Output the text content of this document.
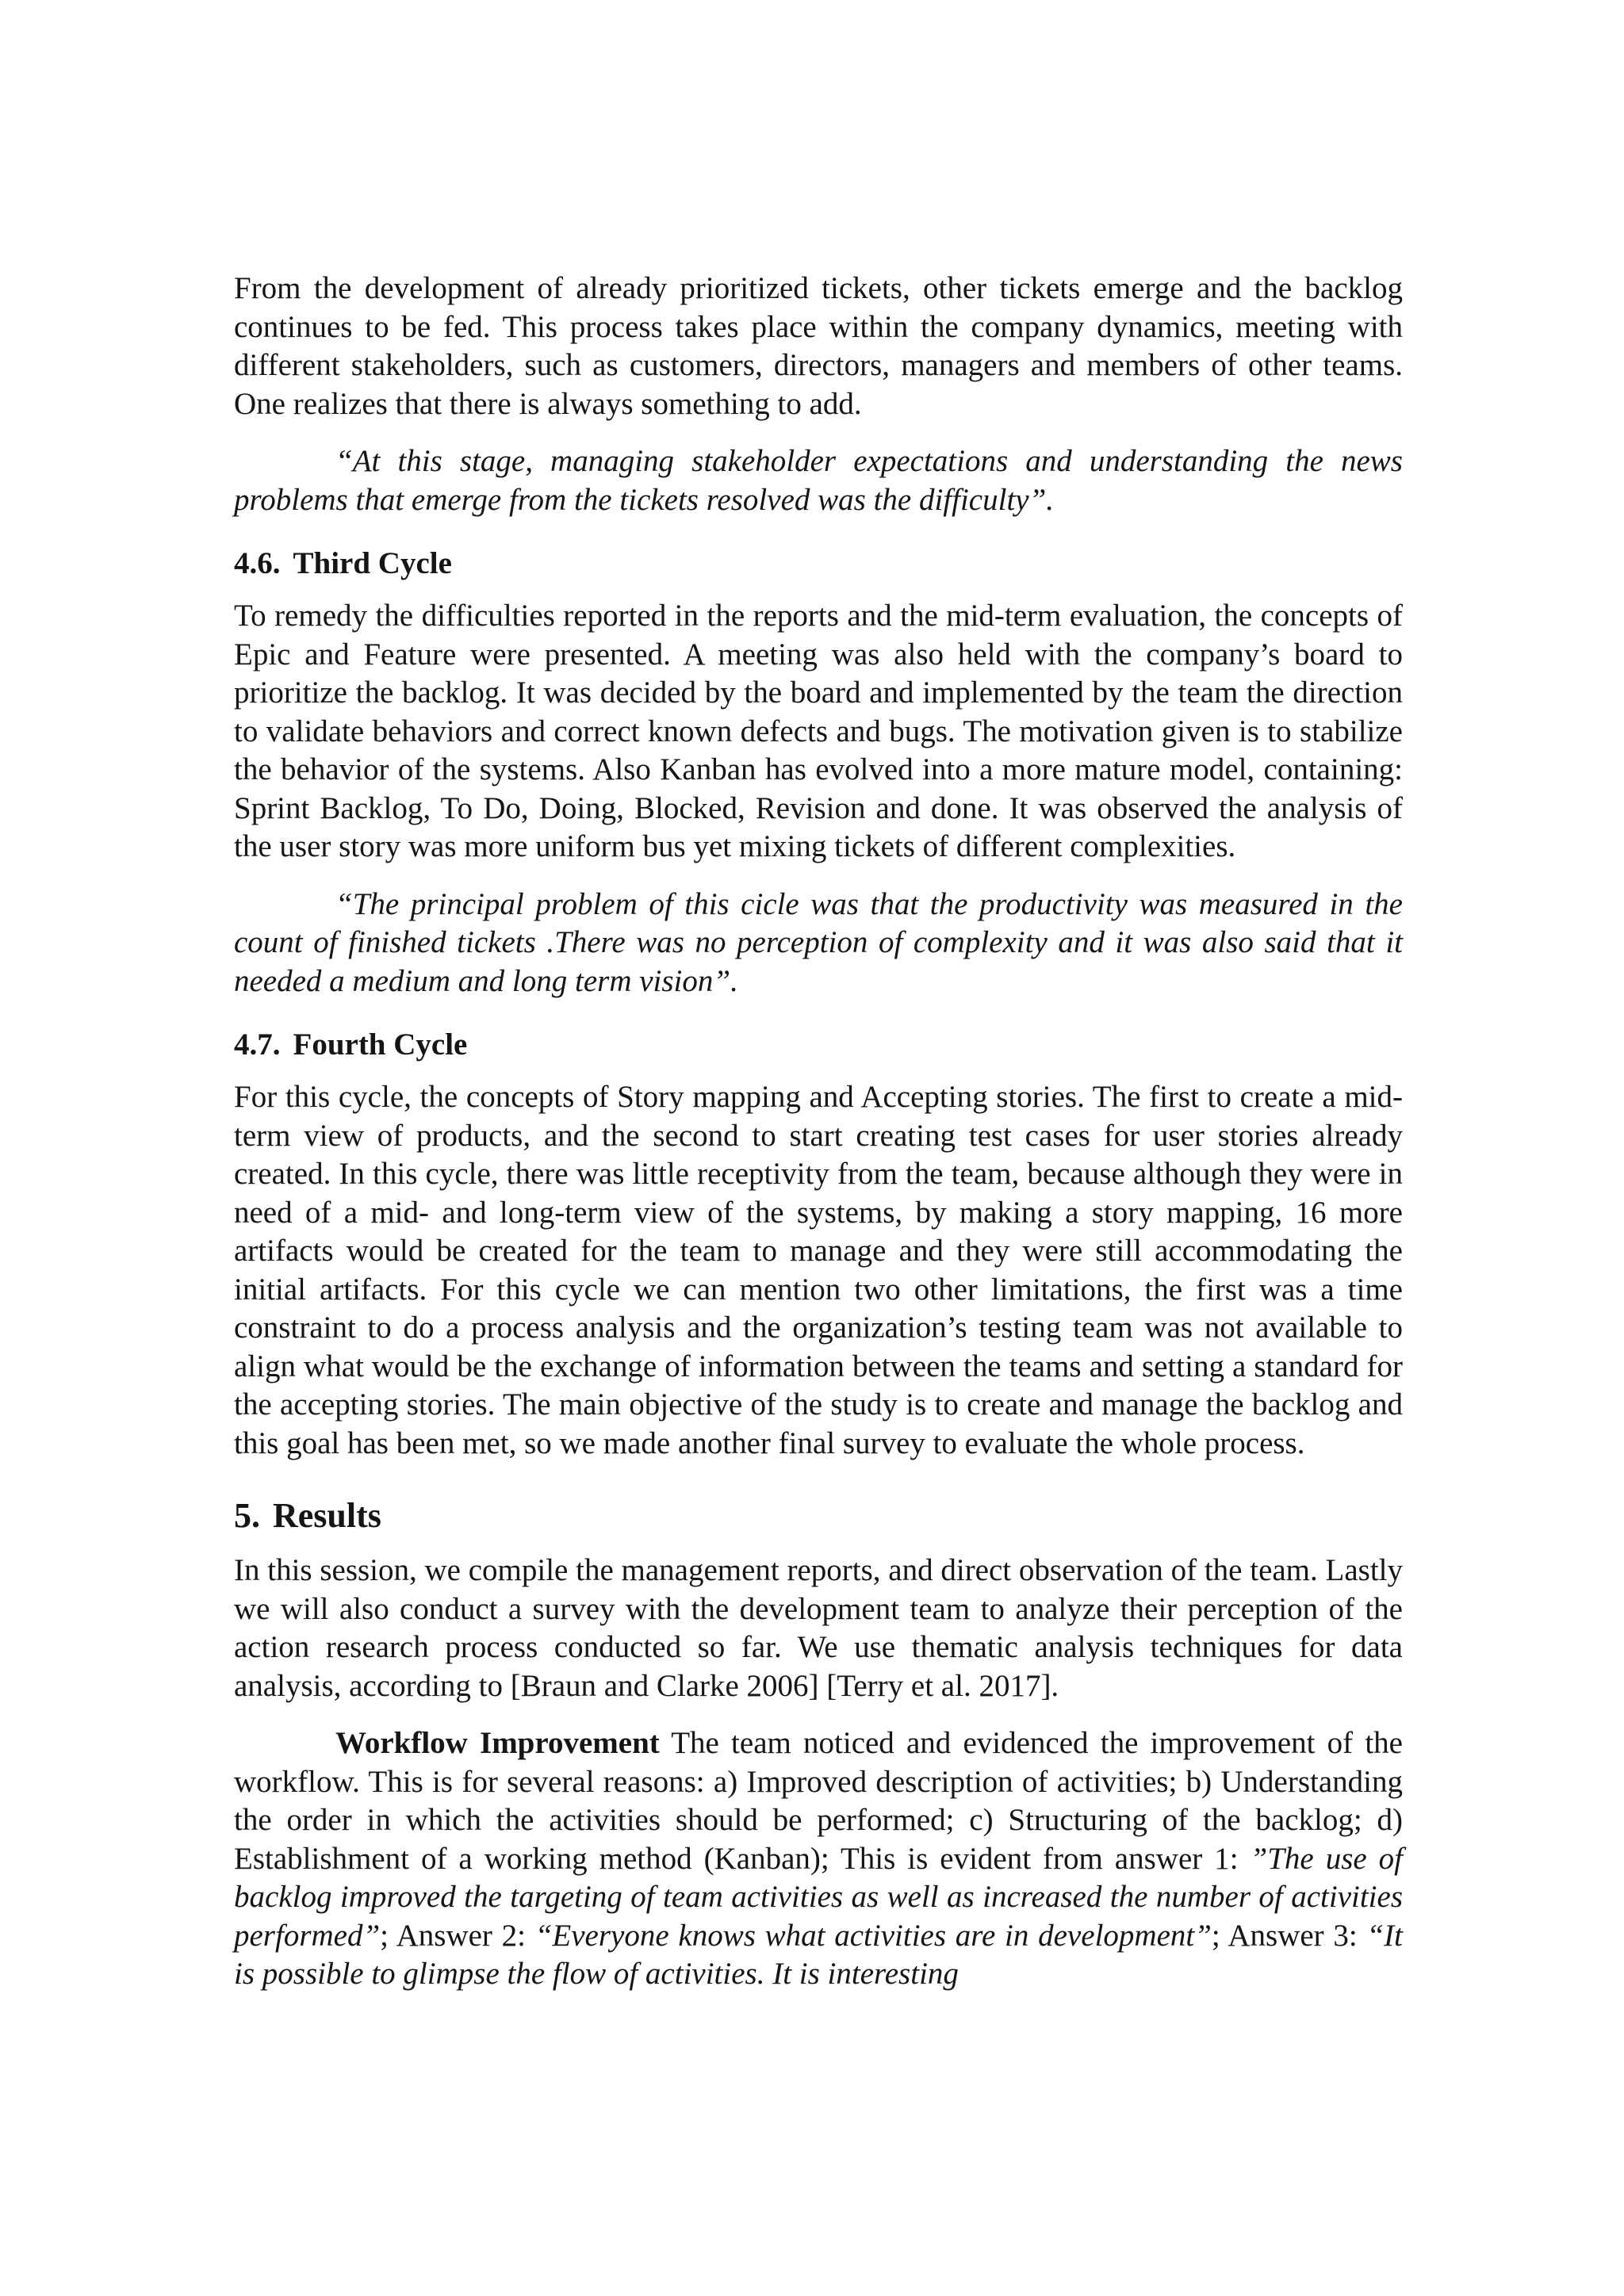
From the development of already prioritized tickets, other tickets emerge and the backlog continues to be fed. This process takes place within the company dynamics, meeting with different stakeholders, such as customers, directors, managers and members of other teams. One realizes that there is always something to add.

“At this stage, managing stakeholder expectations and understanding the news problems that emerge from the tickets resolved was the difficulty”.

4.6. Third Cycle

To remedy the difficulties reported in the reports and the mid-term evaluation, the concepts of Epic and Feature were presented. A meeting was also held with the company’s board to prioritize the backlog. It was decided by the board and implemented by the team the direction to validate behaviors and correct known defects and bugs. The motivation given is to stabilize the behavior of the systems. Also Kanban has evolved into a more mature model, containing: Sprint Backlog, To Do, Doing, Blocked, Revision and done. It was observed the analysis of the user story was more uniform bus yet mixing tickets of different complexities.

“The principal problem of this cicle was that the productivity was measured in the count of finished tickets .There was no perception of complexity and it was also said that it needed a medium and long term vision”.

4.7. Fourth Cycle

For this cycle, the concepts of Story mapping and Accepting stories. The first to create a mid-term view of products, and the second to start creating test cases for user stories already created. In this cycle, there was little receptivity from the team, because although they were in need of a mid- and long-term view of the systems, by making a story mapping, 16 more artifacts would be created for the team to manage and they were still accommodating the initial artifacts. For this cycle we can mention two other limitations, the first was a time constraint to do a process analysis and the organization’s testing team was not available to align what would be the exchange of information between the teams and setting a standard for the accepting stories. The main objective of the study is to create and manage the backlog and this goal has been met, so we made another final survey to evaluate the whole process.

5. Results

In this session, we compile the management reports, and direct observation of the team. Lastly we will also conduct a survey with the development team to analyze their perception of the action research process conducted so far. We use thematic analysis techniques for data analysis, according to [Braun and Clarke 2006] [Terry et al. 2017].

Workflow Improvement The team noticed and evidenced the improvement of the workflow. This is for several reasons: a) Improved description of activities; b) Understanding the order in which the activities should be performed; c) Structuring of the backlog; d) Establishment of a working method (Kanban); This is evident from answer 1: ”The use of backlog improved the targeting of team activities as well as increased the number of activities performed”; Answer 2: “Everyone knows what activities are in development”; Answer 3: “It is possible to glimpse the flow of activities. It is interesting
